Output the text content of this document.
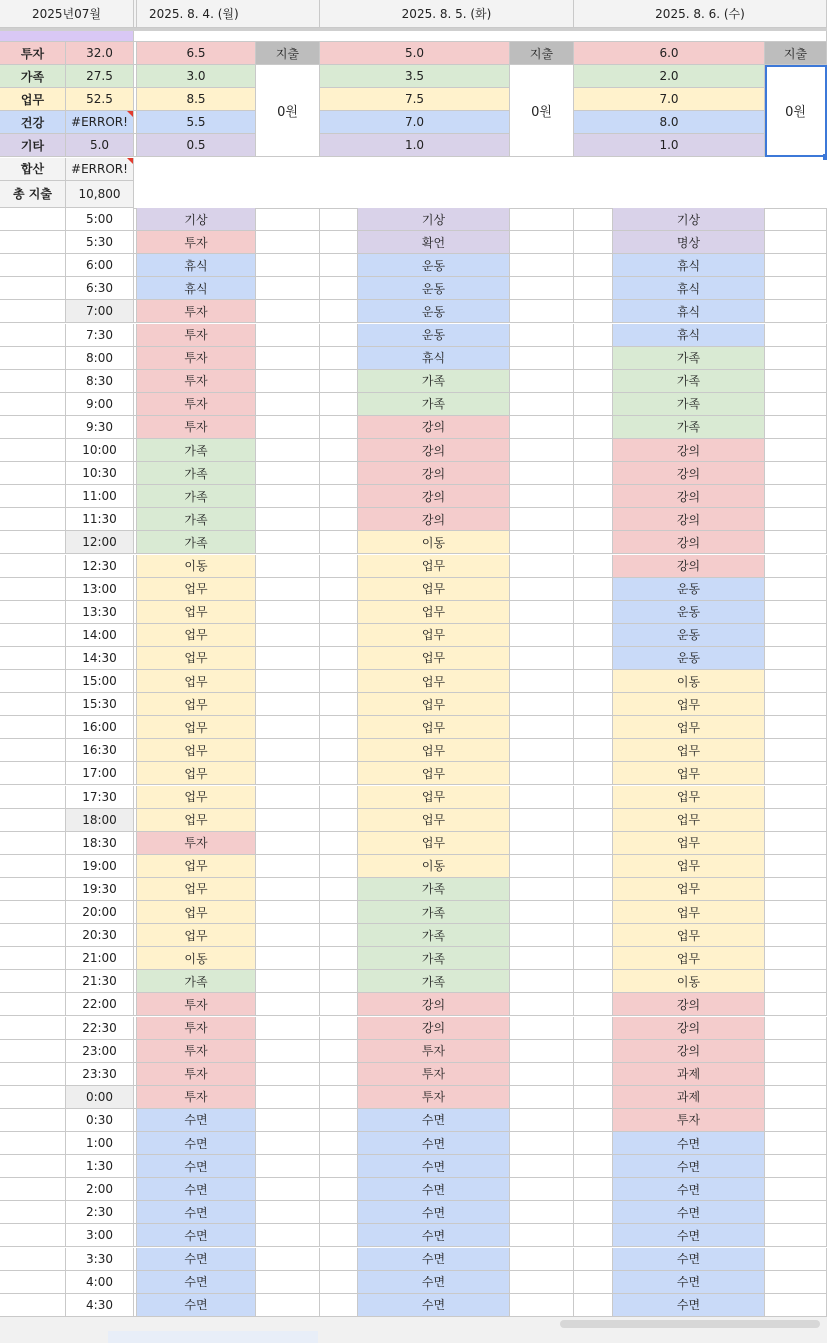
2025년07월	2025. 8. 4. (월)	2025. 8. 5. (화)	2025. 8. 6. (수)
투자	32.0	6.5	5.0	6.0
가족	27.5	3.0	3.5	2.0
업무	52.5	8.5	7.5	7.0
건강	#ERROR!	5.5	7.0	8.0
기타	5.0	0.5	1.0	1.0
지출
0원
지출
0원
지출
0원
합산	#ERROR!
총 지출	10,800
5:00	기상	기상	기상
5:30	투자	확언	명상
6:00	휴식	운동	휴식
6:30	휴식	운동	휴식
7:00	투자	운동	휴식
7:30	투자	운동	휴식
8:00	투자	휴식	가족
8:30	투자	가족	가족
9:00	투자	가족	가족
9:30	투자	강의	가족
10:00	가족	강의	강의
10:30	가족	강의	강의
11:00	가족	강의	강의
11:30	가족	강의	강의
12:00	가족	이동	강의
12:30	이동	업무	강의
13:00	업무	업무	운동
13:30	업무	업무	운동
14:00	업무	업무	운동
14:30	업무	업무	운동
15:00	업무	업무	이동
15:30	업무	업무	업무
16:00	업무	업무	업무
16:30	업무	업무	업무
17:00	업무	업무	업무
17:30	업무	업무	업무
18:00	업무	업무	업무
18:30	투자	업무	업무
19:00	업무	이동	업무
19:30	업무	가족	업무
20:00	업무	가족	업무
20:30	업무	가족	업무
21:00	이동	가족	업무
21:30	가족	가족	이동
22:00	투자	강의	강의
22:30	투자	강의	강의
23:00	투자	투자	강의
23:30	투자	투자	과제
0:00	투자	투자	과제
0:30	수면	수면	투자
1:00	수면	수면	수면
1:30	수면	수면	수면
2:00	수면	수면	수면
2:30	수면	수면	수면
3:00	수면	수면	수면
3:30	수면	수면	수면
4:00	수면	수면	수면
4:30	수면	수면	수면
